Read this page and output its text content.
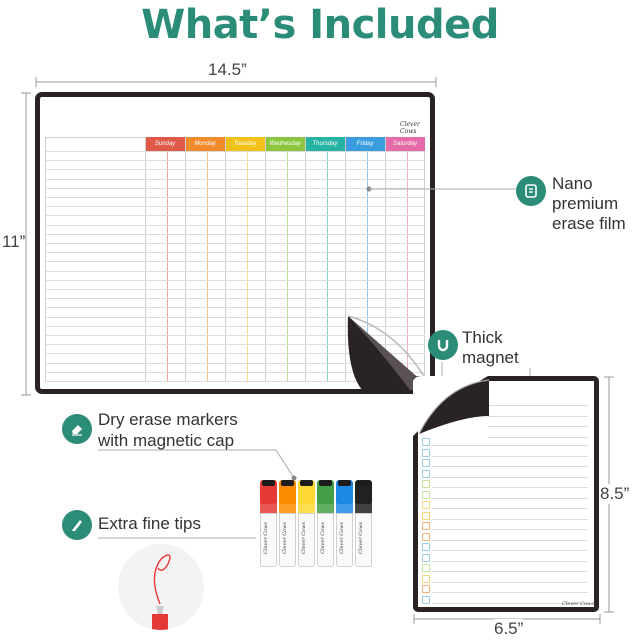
What’s Included
14.5”
11”
Clever Cows
Sunday	Monday	Tuesday	Wednesday	Thursday	Friday	Saturday
Nano
premium
erase film
Thick
magnet
8.5”
6.5”
Clever Cows
Dry erase markers
with magnetic cap
Extra fine tips	Clever Cows	Clever Cows	Clever Cows	Clever Cows	Clever Cows	Clever Cows
